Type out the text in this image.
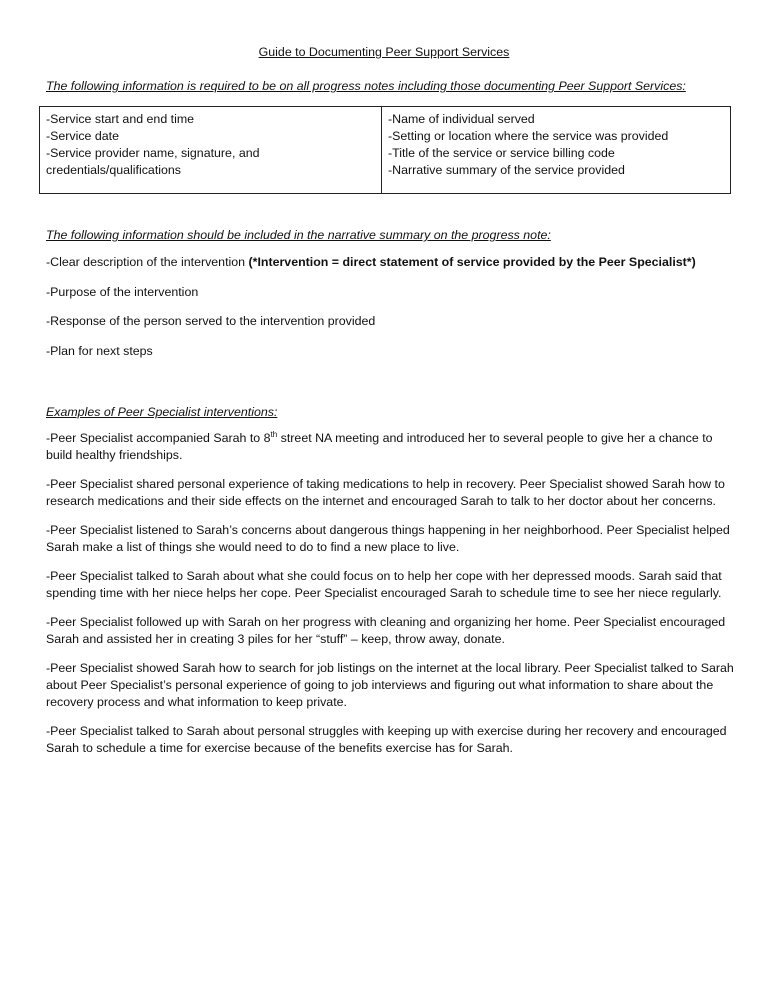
Guide to Documenting Peer Support Services
The following information is required to be on all progress notes including those documenting Peer Support Services:
-Service start and end time
-Service date
-Service provider name, signature, and
credentials/qualifications
-Name of individual served
-Setting or location where the service was provided
-Title of the service or service billing code
-Narrative summary of the service provided
The following information should be included in the narrative summary on the progress note:
-Clear description of the intervention (*Intervention = direct statement of service provided by the Peer Specialist*)
-Purpose of the intervention
-Response of the person served to the intervention provided
-Plan for next steps
Examples of Peer Specialist interventions:

-Peer Specialist accompanied Sarah to 8th street NA meeting and introduced her to several people to give her a chance to build healthy friendships.

-Peer Specialist shared personal experience of taking medications to help in recovery. Peer Specialist showed Sarah how to research medications and their side effects on the internet and encouraged Sarah to talk to her doctor about her concerns.

-Peer Specialist listened to Sarah’s concerns about dangerous things happening in her neighborhood. Peer Specialist helped Sarah make a list of things she would need to do to find a new place to live.

-Peer Specialist talked to Sarah about what she could focus on to help her cope with her depressed moods. Sarah said that spending time with her niece helps her cope. Peer Specialist encouraged Sarah to schedule time to see her niece regularly.

-Peer Specialist followed up with Sarah on her progress with cleaning and organizing her home. Peer Specialist encouraged Sarah and assisted her in creating 3 piles for her “stuff” – keep, throw away, donate.

-Peer Specialist showed Sarah how to search for job listings on the internet at the local library. Peer Specialist talked to Sarah about Peer Specialist’s personal experience of going to job interviews and figuring out what information to share about the recovery process and what information to keep private.

-Peer Specialist talked to Sarah about personal struggles with keeping up with exercise during her recovery and encouraged Sarah to schedule a time for exercise because of the benefits exercise has for Sarah.
